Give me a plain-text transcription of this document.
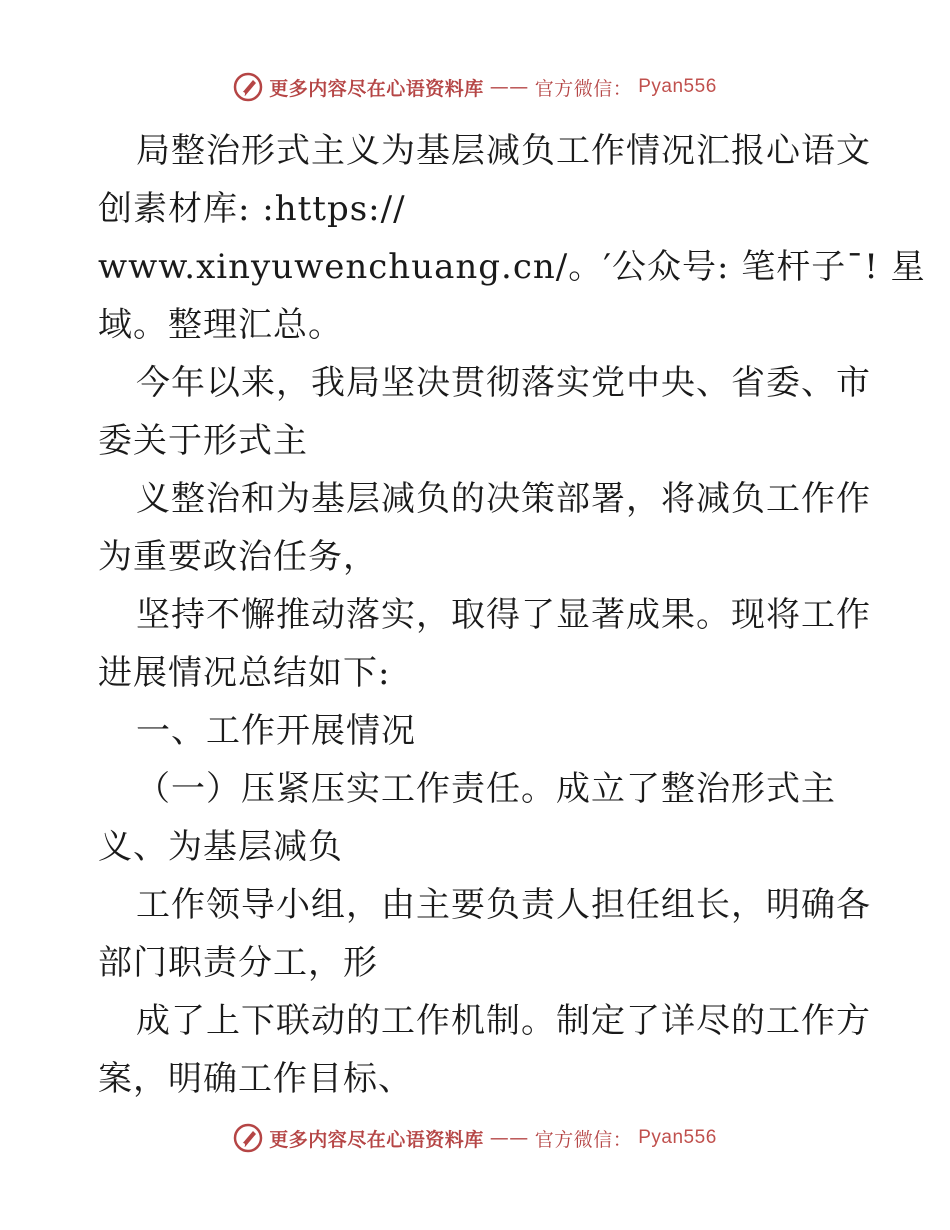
更多内容尽在心语资料库 —— 官方微信： Pyan556
局整治形式主义为基层减负工作情况汇报心语文
创素材库: :https://
www.xinyuwenchuang.cn/。′公众号: 笔杆子¯! 星
域。整理汇总。
今年以来，我局坚决贯彻落实党中央、省委、市
委关于形式主
义整治和为基层减负的决策部署，将减负工作作
为重要政治任务，
坚持不懈推动落实，取得了显著成果。现将工作
进展情况总结如下:
一、工作开展情况
（一）压紧压实工作责任。成立了整治形式主
义、为基层减负
工作领导小组，由主要负责人担任组长，明确各
部门职责分工，形
成了上下联动的工作机制。制定了详尽的工作方
案，明确工作目标、
更多内容尽在心语资料库 —— 官方微信： Pyan556
